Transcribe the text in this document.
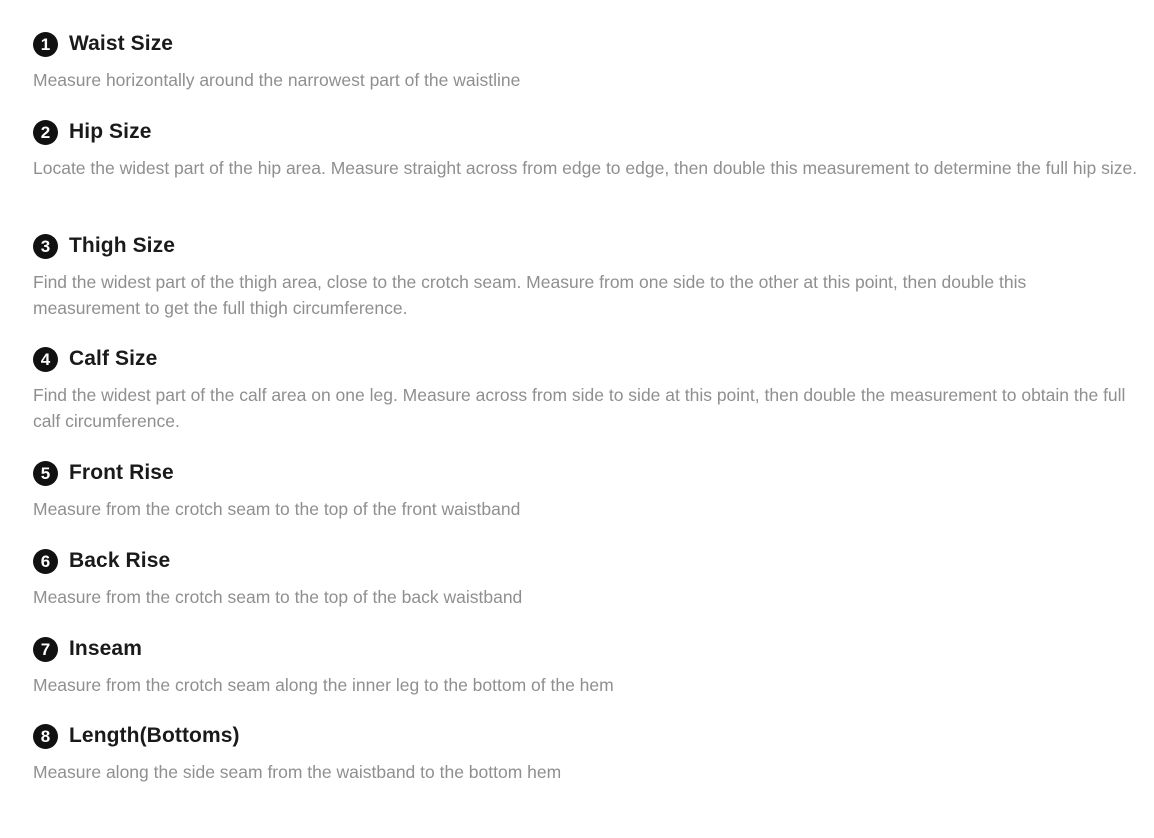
1 Waist Size
Measure horizontally around the narrowest part of the waistline
2 Hip Size
Locate the widest part of the hip area. Measure straight across from edge to edge, then double this measurement to determine the full hip size.
3 Thigh Size
Find the widest part of the thigh area, close to the crotch seam. Measure from one side to the other at this point, then double this measurement to get the full thigh circumference.
4 Calf Size
Find the widest part of the calf area on one leg. Measure across from side to side at this point, then double the measurement to obtain the full calf circumference.
5 Front Rise
Measure from the crotch seam to the top of the front waistband
6 Back Rise
Measure from the crotch seam to the top of the back waistband
7 Inseam
Measure from the crotch seam along the inner leg to the bottom of the hem
8 Length(Bottoms)
Measure along the side seam from the waistband to the bottom hem
